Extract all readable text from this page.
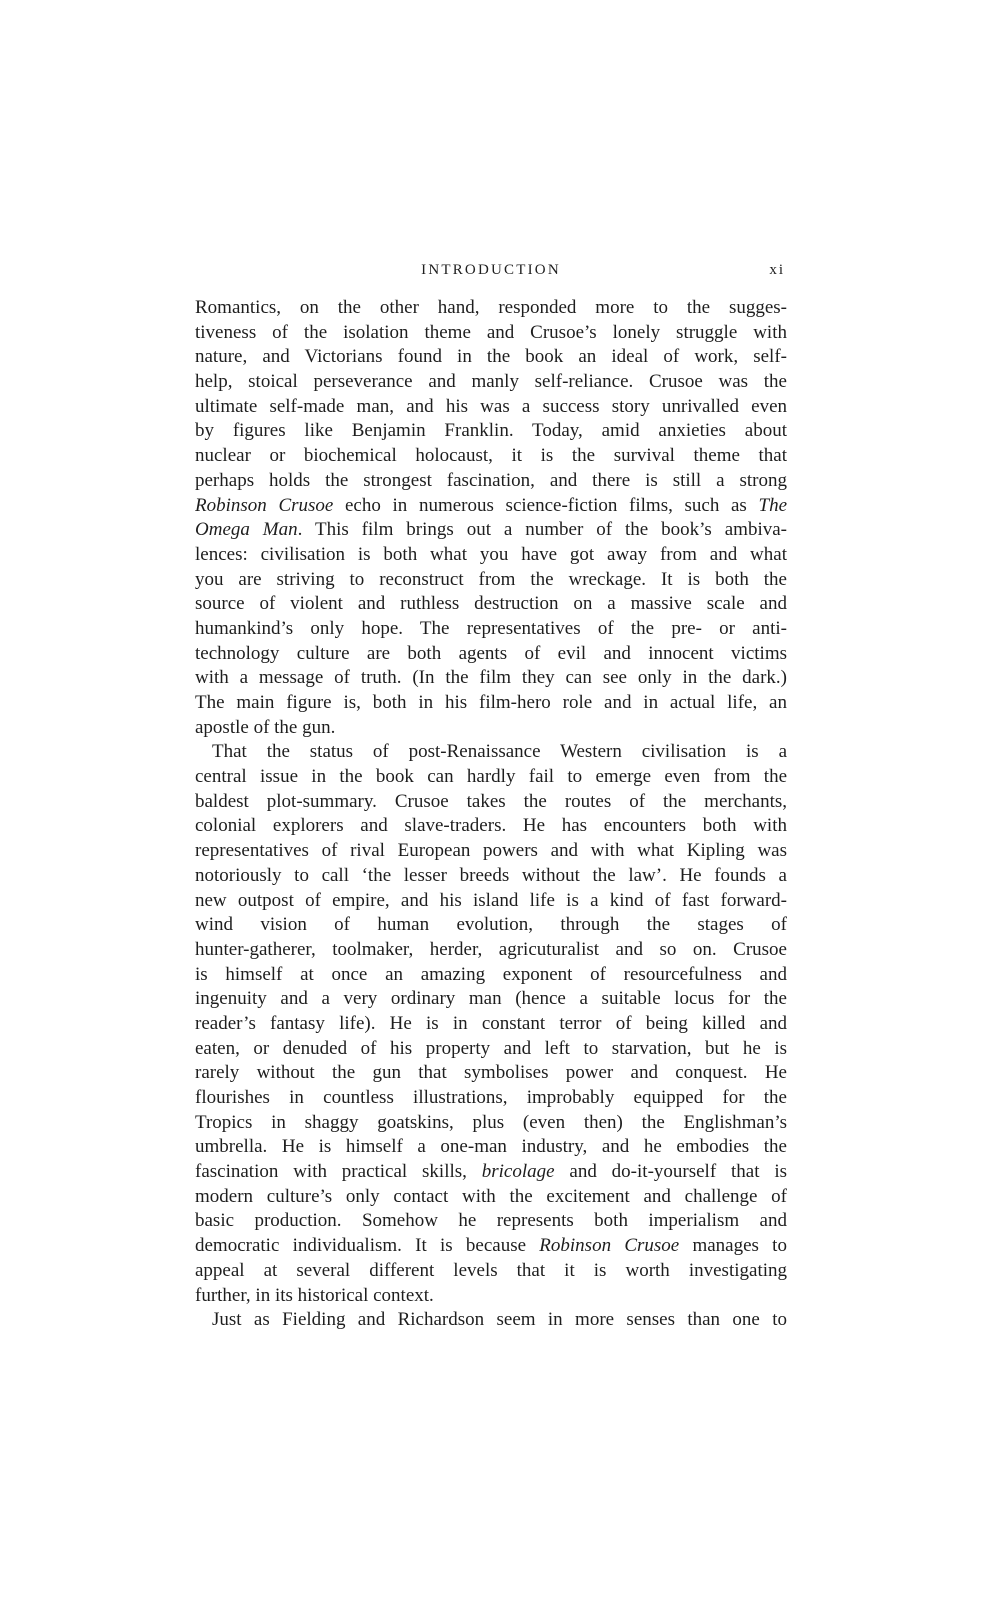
INTRODUCTION	xi
Romantics, on the other hand, responded more to the sugges-
tiveness of the isolation theme and Crusoe’s lonely struggle with
nature, and Victorians found in the book an ideal of work, self-
help, stoical perseverance and manly self-reliance. Crusoe was the
ultimate self-made man, and his was a success story unrivalled even
by figures like Benjamin Franklin. Today, amid anxieties about
nuclear or biochemical holocaust, it is the survival theme that
perhaps holds the strongest fascination, and there is still a strong
Robinson Crusoe echo in numerous science-fiction films, such as The
Omega Man. This film brings out a number of the book’s ambiva-
lences: civilisation is both what you have got away from and what
you are striving to reconstruct from the wreckage. It is both the
source of violent and ruthless destruction on a massive scale and
humankind’s only hope. The representatives of the pre- or anti-
technology culture are both agents of evil and innocent victims
with a message of truth. (In the film they can see only in the dark.)
The main figure is, both in his film-hero role and in actual life, an
apostle of the gun.
That the status of post-Renaissance Western civilisation is a
central issue in the book can hardly fail to emerge even from the
baldest plot-summary. Crusoe takes the routes of the merchants,
colonial explorers and slave-traders. He has encounters both with
representatives of rival European powers and with what Kipling was
notoriously to call ‘the lesser breeds without the law’. He founds a
new outpost of empire, and his island life is a kind of fast forward-
wind vision of human evolution, through the stages of
hunter-gatherer, toolmaker, herder, agricuturalist and so on. Crusoe
is himself at once an amazing exponent of resourcefulness and
ingenuity and a very ordinary man (hence a suitable locus for the
reader’s fantasy life). He is in constant terror of being killed and
eaten, or denuded of his property and left to starvation, but he is
rarely without the gun that symbolises power and conquest. He
flourishes in countless illustrations, improbably equipped for the
Tropics in shaggy goatskins, plus (even then) the Englishman’s
umbrella. He is himself a one-man industry, and he embodies the
fascination with practical skills, bricolage and do-it-yourself that is
modern culture’s only contact with the excitement and challenge of
basic production. Somehow he represents both imperialism and
democratic individualism. It is because Robinson Crusoe manages to
appeal at several different levels that it is worth investigating
further, in its historical context.
Just as Fielding and Richardson seem in more senses than one to
